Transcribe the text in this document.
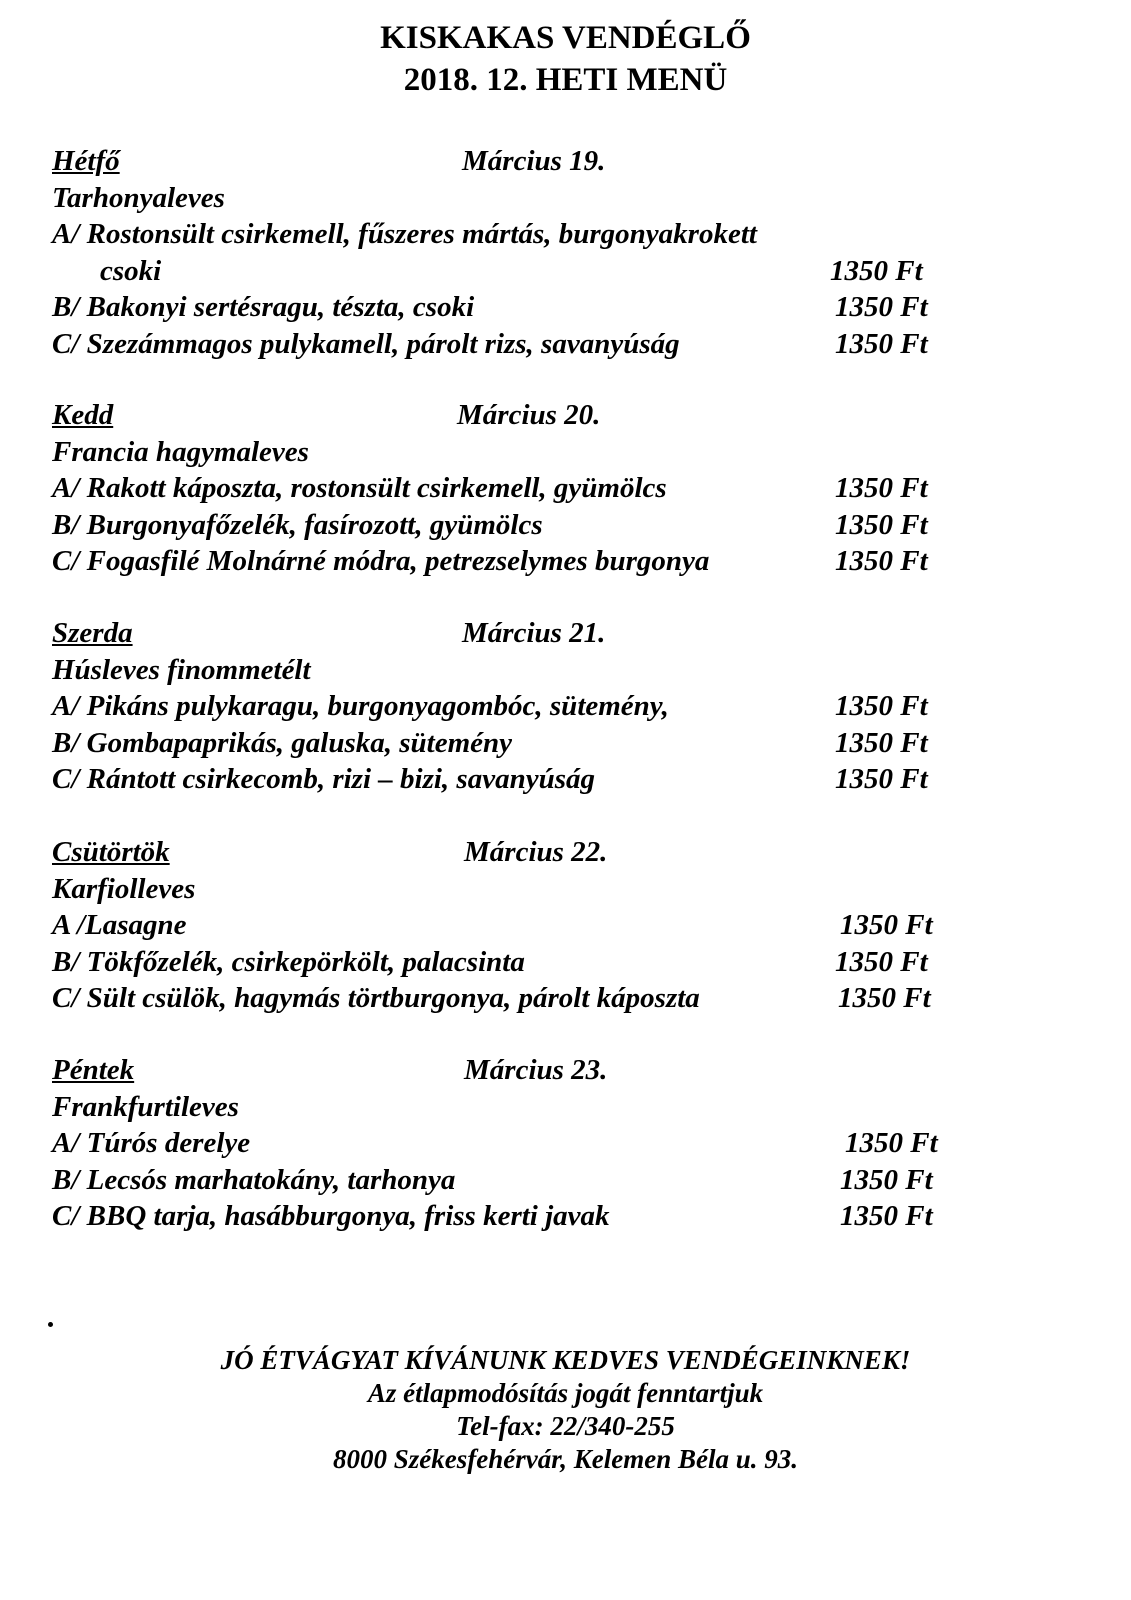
KISKAKAS VENDÉGLŐ
2018. 12. HETI MENÜ
Hétfő	Március 19.
Tarhonyaleves
A/ Rostonsült csirkemell, fűszeres mártás, burgonyakrokett
csoki	1350 Ft
B/ Bakonyi sertésragu, tészta, csoki	1350 Ft
C/ Szezámmagos pulykamell, párolt rizs, savanyúság	1350 Ft
Kedd	Március 20.
Francia hagymaleves
A/ Rakott káposzta, rostonsült csirkemell, gyümölcs	1350 Ft
B/ Burgonyafőzelék, fasírozott, gyümölcs	1350 Ft
C/ Fogasfilé Molnárné módra, petrezselymes burgonya	1350 Ft
Szerda	Március 21.
Húsleves finommetélt
A/ Pikáns pulykaragu, burgonyagombóc, sütemény,	1350 Ft
B/ Gombapaprikás, galuska, sütemény	1350 Ft
C/ Rántott csirkecomb, rizi – bizi, savanyúság	1350 Ft
Csütörtök	Március 22.
Karfiolleves
A /Lasagne	1350 Ft
B/ Tökfőzelék, csirkepörkölt, palacsinta	1350 Ft
C/ Sült csülök, hagymás törtburgonya, párolt káposzta	1350 Ft
Péntek	Március 23.
Frankfurtileves
A/ Túrós derelye	1350 Ft
B/ Lecsós marhatokány, tarhonya	1350 Ft
C/ BBQ tarja, hasábburgonya, friss kerti javak	1350 Ft
JÓ ÉTVÁGYAT KÍVÁNUNK KEDVES VENDÉGEINKNEK!
Az étlapmodósítás jogát fenntartjuk
Tel-fax: 22/340-255
8000 Székesfehérvár, Kelemen Béla u. 93.
